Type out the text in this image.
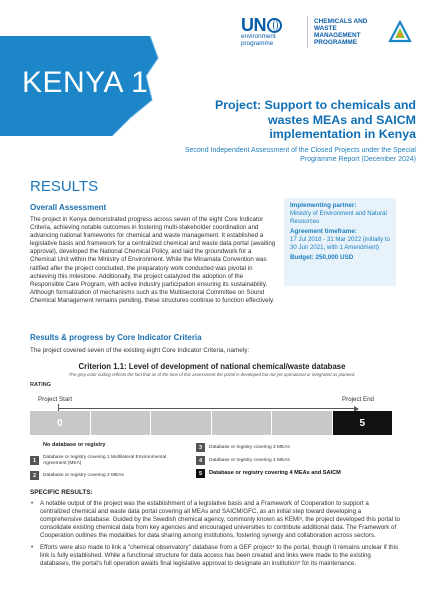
UN
environment programme
CHEMICALS AND WASTE MANAGEMENT PROGRAMME
KENYA 1
Project: Support to chemicals and wastes MEAs and SAICM implementation in Kenya
Second Independent Assessment of the Closed Projects under the Special Programme Report (December 2024)
RESULTS
Overall Assessment
The project in Kenya demonstrated progress across seven of the eight Core Indicator Criteria, achieving notable outcomes in fostering multi-stakeholder coordination and advancing national frameworks for chemical and waste management. It established a legislative basis and framework for a centralized chemical and waste data portal (awaiting approval), developed the National Chemical Policy, and laid the groundwork for a Chemical Unit within the Ministry of Environment. While the Minamata Convention was ratified after the project concluded, the preparatory work conducted was pivotal in achieving this milestone. Additionally, the project catalyzed the adoption of the Responsible Care Program, with active industry participation ensuring its sustainability. Although formalization of mechanisms such as the Multisectoral Committee on Sound Chemical Management remains pending, these structures continue to function effectively.
Implementing partner:
Ministry of Environment and Natural Resources
Agreement timeframe:
17 Jul 2018 - 31 Mar 2022 (initially to 30 Jun 2021, with 1 Amendment)
Budget: 250,000 USD
Results & progress by Core Indicator Criteria
The project covered seven of the existing eight Core Indicator Criteria, namely:
Criterion 1.1: Level of development of national chemical/waste database
The grey color coding reflects the fact that as of the time of this assessment the portal is developed but not yet operational or integrated as planned.
RATING
Project Start	Project End
0	5
0	No database or registry
1
Database or registry covering 1 Multilateral Environmental Agreement (MEA)
2	Database or registry covering 2 MEAs
3	Database or registry covering 3 MEAs
4	Database or registry covering 4 MEAs
5	Database or registry covering 4 MEAs and SAICM
SPECIFIC RESULTS:
• A notable output of the project was the establishment of a legislative basis and a Framework of Cooperation to support a centralized chemical and waste data portal covering all MEAs and SAICM/GFC, as an initial step toward developing a comprehensive database. Guided by the Swedish chemical agency, commonly known as KEMI³, the project developed this portal to consolidate existing chemical data from key agencies and encouraged universities to contribute additional data. The Framework of Cooperation outlines the modalities for data sharing among institutions, fostering synergy and collaboration across sectors.
• Efforts were also made to link a "chemical observatory" database from a GEF project⁴ to the portal, though it remains unclear if this link is fully established. While a functional structure for data access has been created and links were made to the existing databases, the portal's full operation awaits final legislative approval to designate an institution⁵ for its maintenance.
